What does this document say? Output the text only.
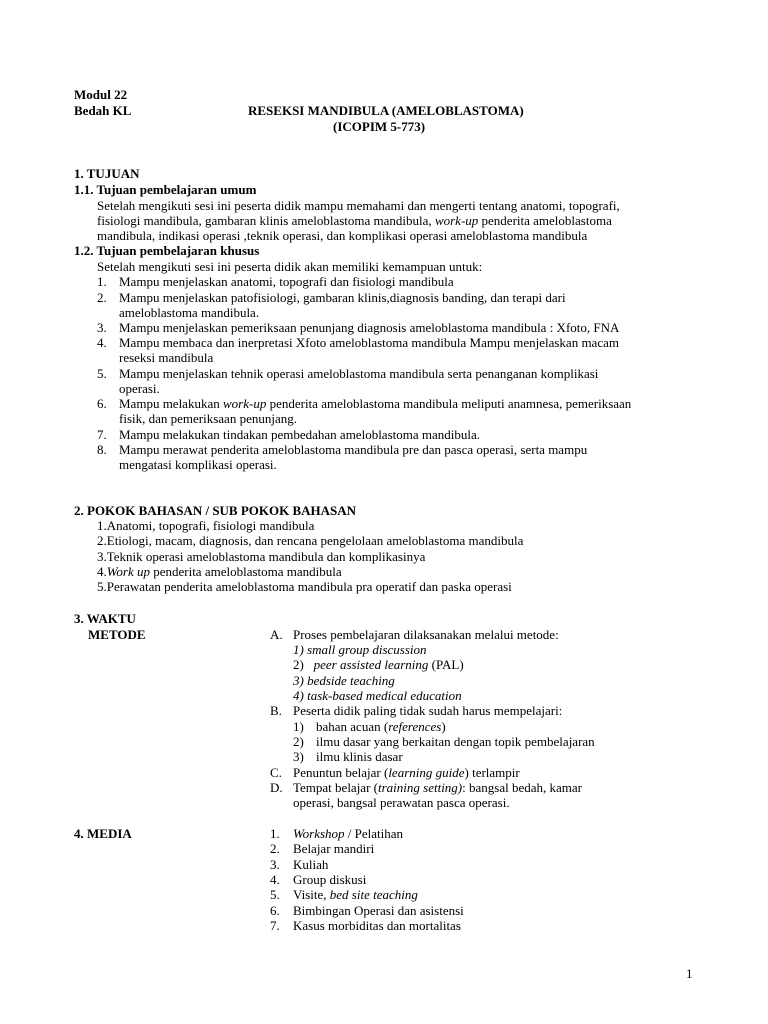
Modul 22
Bedah KL	RESEKSI MANDIBULA (AMELOBLASTOMA)
(ICOPIM 5-773)
1. TUJUAN
1.1. Tujuan pembelajaran umum
Setelah mengikuti sesi ini peserta didik mampu memahami dan mengerti tentang anatomi, topografi,
fisiologi mandibula, gambaran klinis ameloblastoma mandibula, work-up penderita ameloblastoma
mandibula, indikasi operasi ,teknik operasi, dan komplikasi operasi ameloblastoma mandibula
1.2. Tujuan pembelajaran khusus
Setelah mengikuti sesi ini peserta didik akan memiliki kemampuan untuk:
1. Mampu menjelaskan anatomi, topografi dan fisiologi mandibula
2. Mampu menjelaskan patofisiologi, gambaran klinis,diagnosis banding, dan terapi dari
ameloblastoma mandibula.
3. Mampu menjelaskan pemeriksaan penunjang diagnosis ameloblastoma mandibula : Xfoto, FNA
4. Mampu membaca dan inerpretasi Xfoto ameloblastoma mandibula Mampu menjelaskan macam
reseksi mandibula
5. Mampu menjelaskan tehnik operasi ameloblastoma mandibula serta penanganan komplikasi
operasi.
6. Mampu melakukan work-up penderita ameloblastoma mandibula meliputi anamnesa, pemeriksaan
fisik, dan pemeriksaan penunjang.
7. Mampu melakukan tindakan pembedahan ameloblastoma mandibula.
8. Mampu merawat penderita ameloblastoma mandibula pre dan pasca operasi, serta mampu
mengatasi komplikasi operasi.
2. POKOK BAHASAN / SUB POKOK BAHASAN
1.Anatomi, topografi, fisiologi mandibula
2.Etiologi, macam, diagnosis, dan rencana pengelolaan ameloblastoma mandibula
3.Teknik operasi ameloblastoma mandibula dan komplikasinya
4.Work up penderita ameloblastoma mandibula
5.Perawatan penderita ameloblastoma mandibula pra operatif dan paska operasi
3. WAKTU
METODE	A. Proses pembelajaran dilaksanakan melalui metode:
1) small group discussion
2) peer assisted learning (PAL)
3) bedside teaching
4) task-based medical education
B. Peserta didik paling tidak sudah harus mempelajari:
1) bahan acuan (references)
2) ilmu dasar yang berkaitan dengan topik pembelajaran
3) ilmu klinis dasar
C. Penuntun belajar (learning guide) terlampir
D. Tempat belajar (training setting): bangsal bedah, kamar
operasi, bangsal perawatan pasca operasi.
4. MEDIA	1. Workshop / Pelatihan
2. Belajar mandiri
3. Kuliah
4. Group diskusi
5. Visite, bed site teaching
6. Bimbingan Operasi dan asistensi
7. Kasus morbiditas dan mortalitas
1
